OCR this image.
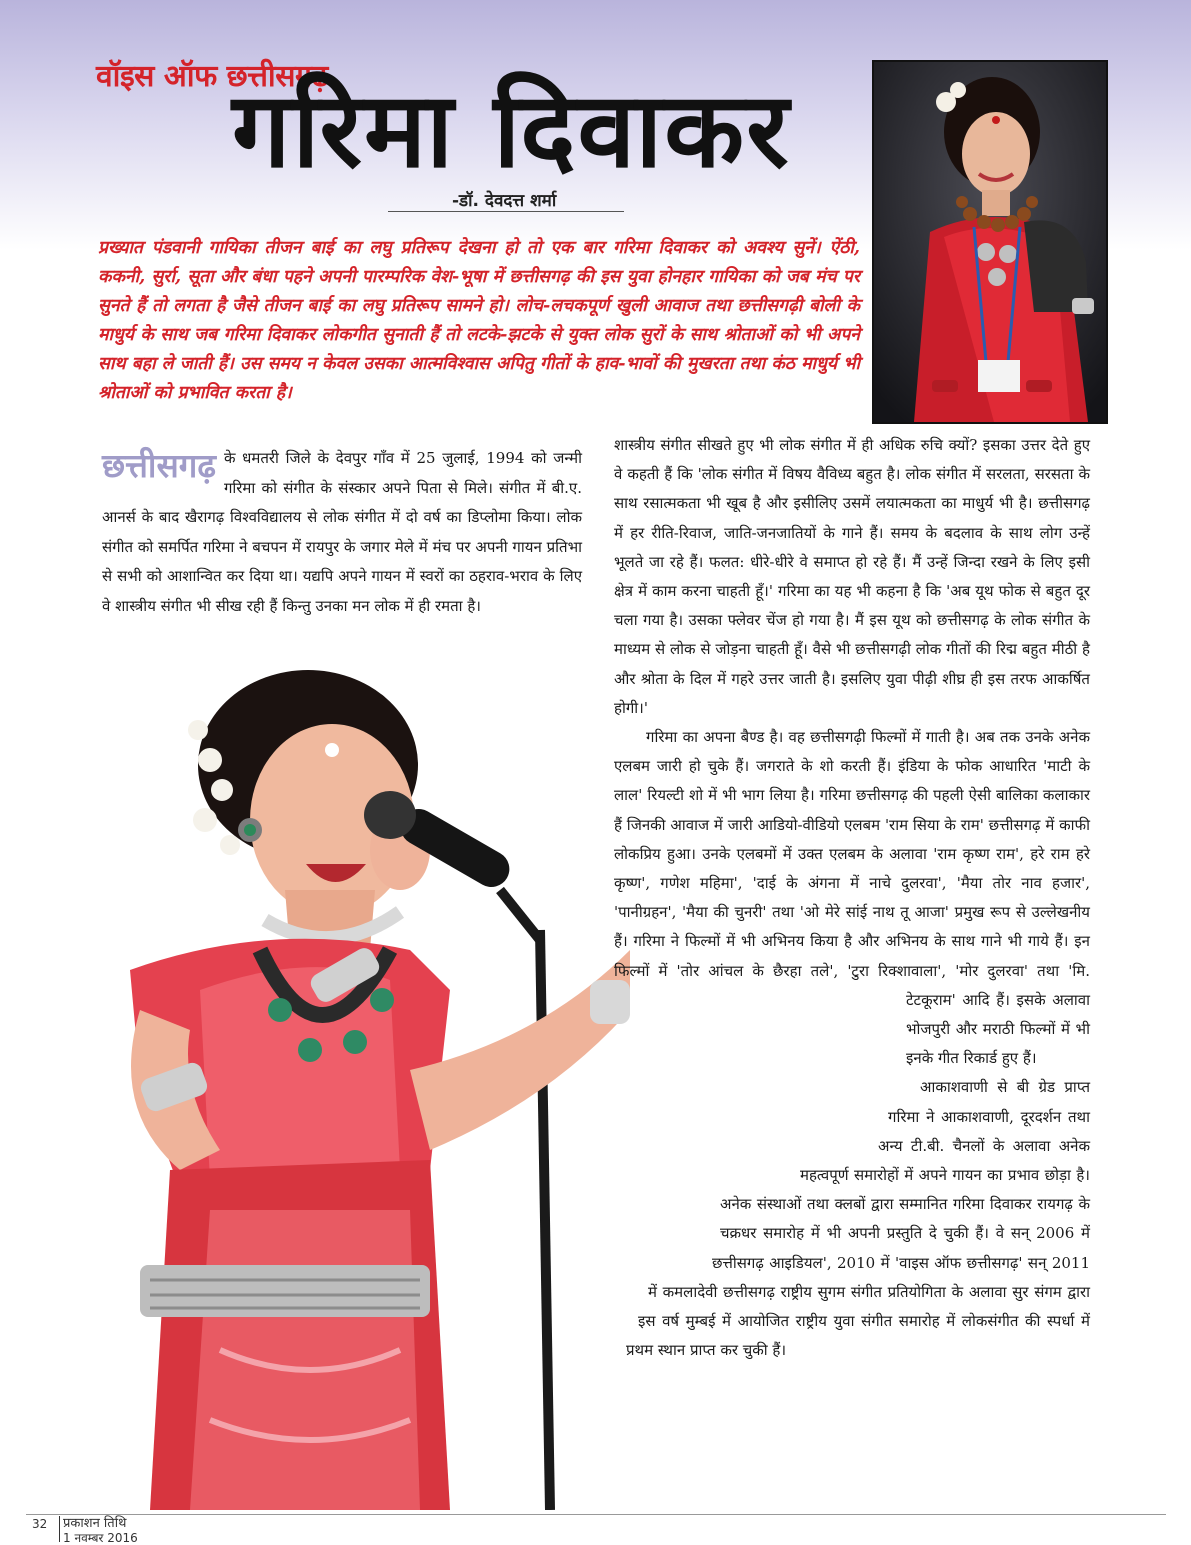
वॉइस ऑफ छत्तीसगढ़
गरिमा दिवाकर
-डॉ. देवदत्त शर्मा
प्रख्यात पंडवानी गायिका तीजन बाई का लघु प्रतिरूप देखना हो तो एक बार गरिमा दिवाकर को अवश्य सुनें। ऐंठी, ककनी, सुर्रा, सूता और बंधा पहने अपनी पारम्परिक वेश-भूषा में छत्तीसगढ़ की इस युवा होनहार गायिका को जब मंच पर सुनते हैं तो लगता है जैसे तीजन बाई का लघु प्रतिरूप सामने हो। लोच-लचकपूर्ण खुली आवाज तथा छत्तीसगढ़ी बोली के माधुर्य के साथ जब गरिमा दिवाकर लोकगीत सुनाती हैं तो लटके-झटके से युक्त लोक सुरों के साथ श्रोताओं को भी अपने साथ बहा ले जाती हैं। उस समय न केवल उसका आत्मविश्वास अपितु गीतों के हाव-भावों की मुखरता तथा कंठ माधुर्य भी श्रोताओं को प्रभावित करता है।
छत्तीसगढ़ के धमतरी जिले के देवपुर गाँव में 25 जुलाई, 1994 को जन्मी गरिमा को संगीत के संस्कार अपने पिता से मिले। संगीत में बी.ए. आनर्स के बाद खैरागढ़ विश्वविद्यालय से लोक संगीत में दो वर्ष का डिप्लोमा किया। लोक संगीत को समर्पित गरिमा ने बचपन में रायपुर के जगार मेले में मंच पर अपनी गायन प्रतिभा से सभी को आशान्वित कर दिया था। यद्यपि अपने गायन में स्वरों का ठहराव-भराव के लिए वे शास्त्रीय संगीत भी सीख रही हैं किन्तु उनका मन लोक में ही रमता है।

शास्त्रीय संगीत सीखते हुए भी लोक संगीत में ही अधिक रुचि क्यों? इसका उत्तर देते हुए वे कहती हैं कि 'लोक संगीत में विषय वैविध्य बहुत है। लोक संगीत में सरलता, सरसता के साथ रसात्मकता भी खूब है और इसीलिए उसमें लयात्मकता का माधुर्य भी है। छत्तीसगढ़ में हर रीति-रिवाज, जाति-जनजातियों के गाने हैं। समय के बदलाव के साथ लोग उन्हें भूलते जा रहे हैं। फलत: धीरे-धीरे वे समाप्त हो रहे हैं। मैं उन्हें जिन्दा रखने के लिए इसी क्षेत्र में काम करना चाहती हूँ।' गरिमा का यह भी कहना है कि 'अब यूथ फोक से बहुत दूर चला गया है। उसका फ्लेवर चेंज हो गया है। मैं इस यूथ को छत्तीसगढ़ के लोक संगीत के माध्यम से लोक से जोड़ना चाहती हूँ। वैसे भी छत्तीसगढ़ी लोक गीतों की रिद्म बहुत मीठी है और श्रोता के दिल में गहरे उत्तर जाती है। इसलिए युवा पीढ़ी शीघ्र ही इस तरफ आकर्षित होगी।'

गरिमा का अपना बैण्ड है। वह छत्तीसगढ़ी फिल्मों में गाती है। अब तक उनके अनेक एलबम जारी हो चुके हैं। जगराते के शो करती हैं। इंडिया के फोक आधारित 'माटी के लाल' रियल्टी शो में भी भाग लिया है। गरिमा छत्तीसगढ़ की पहली ऐसी बालिका कलाकार हैं जिनकी आवाज में जारी आडियो-वीडियो एलबम 'राम सिया के राम' छत्तीसगढ़ में काफी लोकप्रिय हुआ। उनके एलबमों में उक्त एलबम के अलावा 'राम कृष्ण राम', हरे राम हरे कृष्ण', गणेश महिमा', 'दाई के अंगना में नाचे दुलरवा', 'मैया तोर नाव हजार', 'पानीग्रहन', 'मैया की चुनरी' तथा 'ओ मेरे सांई नाथ तू आजा' प्रमुख रूप से उल्लेखनीय हैं। गरिमा ने फिल्मों में भी अभिनय किया है और अभिनय के साथ गाने भी गाये हैं। इन फिल्मों में 'तोर आंचल के छैरहा तले', 'टुरा रिक्शावाला', 'मोर दुलरवा' तथा 'मि. टेटकूराम' आदि हैं। इसके अलावा भोजपुरी और मराठी फिल्मों में भी इनके गीत रिकार्ड हुए हैं।

आकाशवाणी से बी ग्रेड प्राप्त गरिमा ने आकाशवाणी, दूरदर्शन तथा अन्य टी.बी. चैनलों के अलावा अनेक महत्वपूर्ण समारोहों में अपने गायन का प्रभाव छोड़ा है। अनेक संस्थाओं तथा क्लबों द्वारा सम्मानित गरिमा दिवाकर रायगढ़ के चक्रधर समारोह में भी अपनी प्रस्तुति दे चुकी हैं। वे सन् 2006 में छत्तीसगढ़ आइडियल', 2010 में 'वाइस ऑफ छत्तीसगढ़' सन् 2011 में कमलादेवी छत्तीसगढ़ राष्ट्रीय सुगम संगीत प्रतियोगिता के अलावा सुर संगम द्वारा इस वर्ष मुम्बई में आयोजित राष्ट्रीय युवा संगीत समारोह में लोकसंगीत की स्पर्धा में प्रथम स्थान प्राप्त कर चुकी हैं।

32 प्रकाशन तिथि
1 नवम्बर 2016
